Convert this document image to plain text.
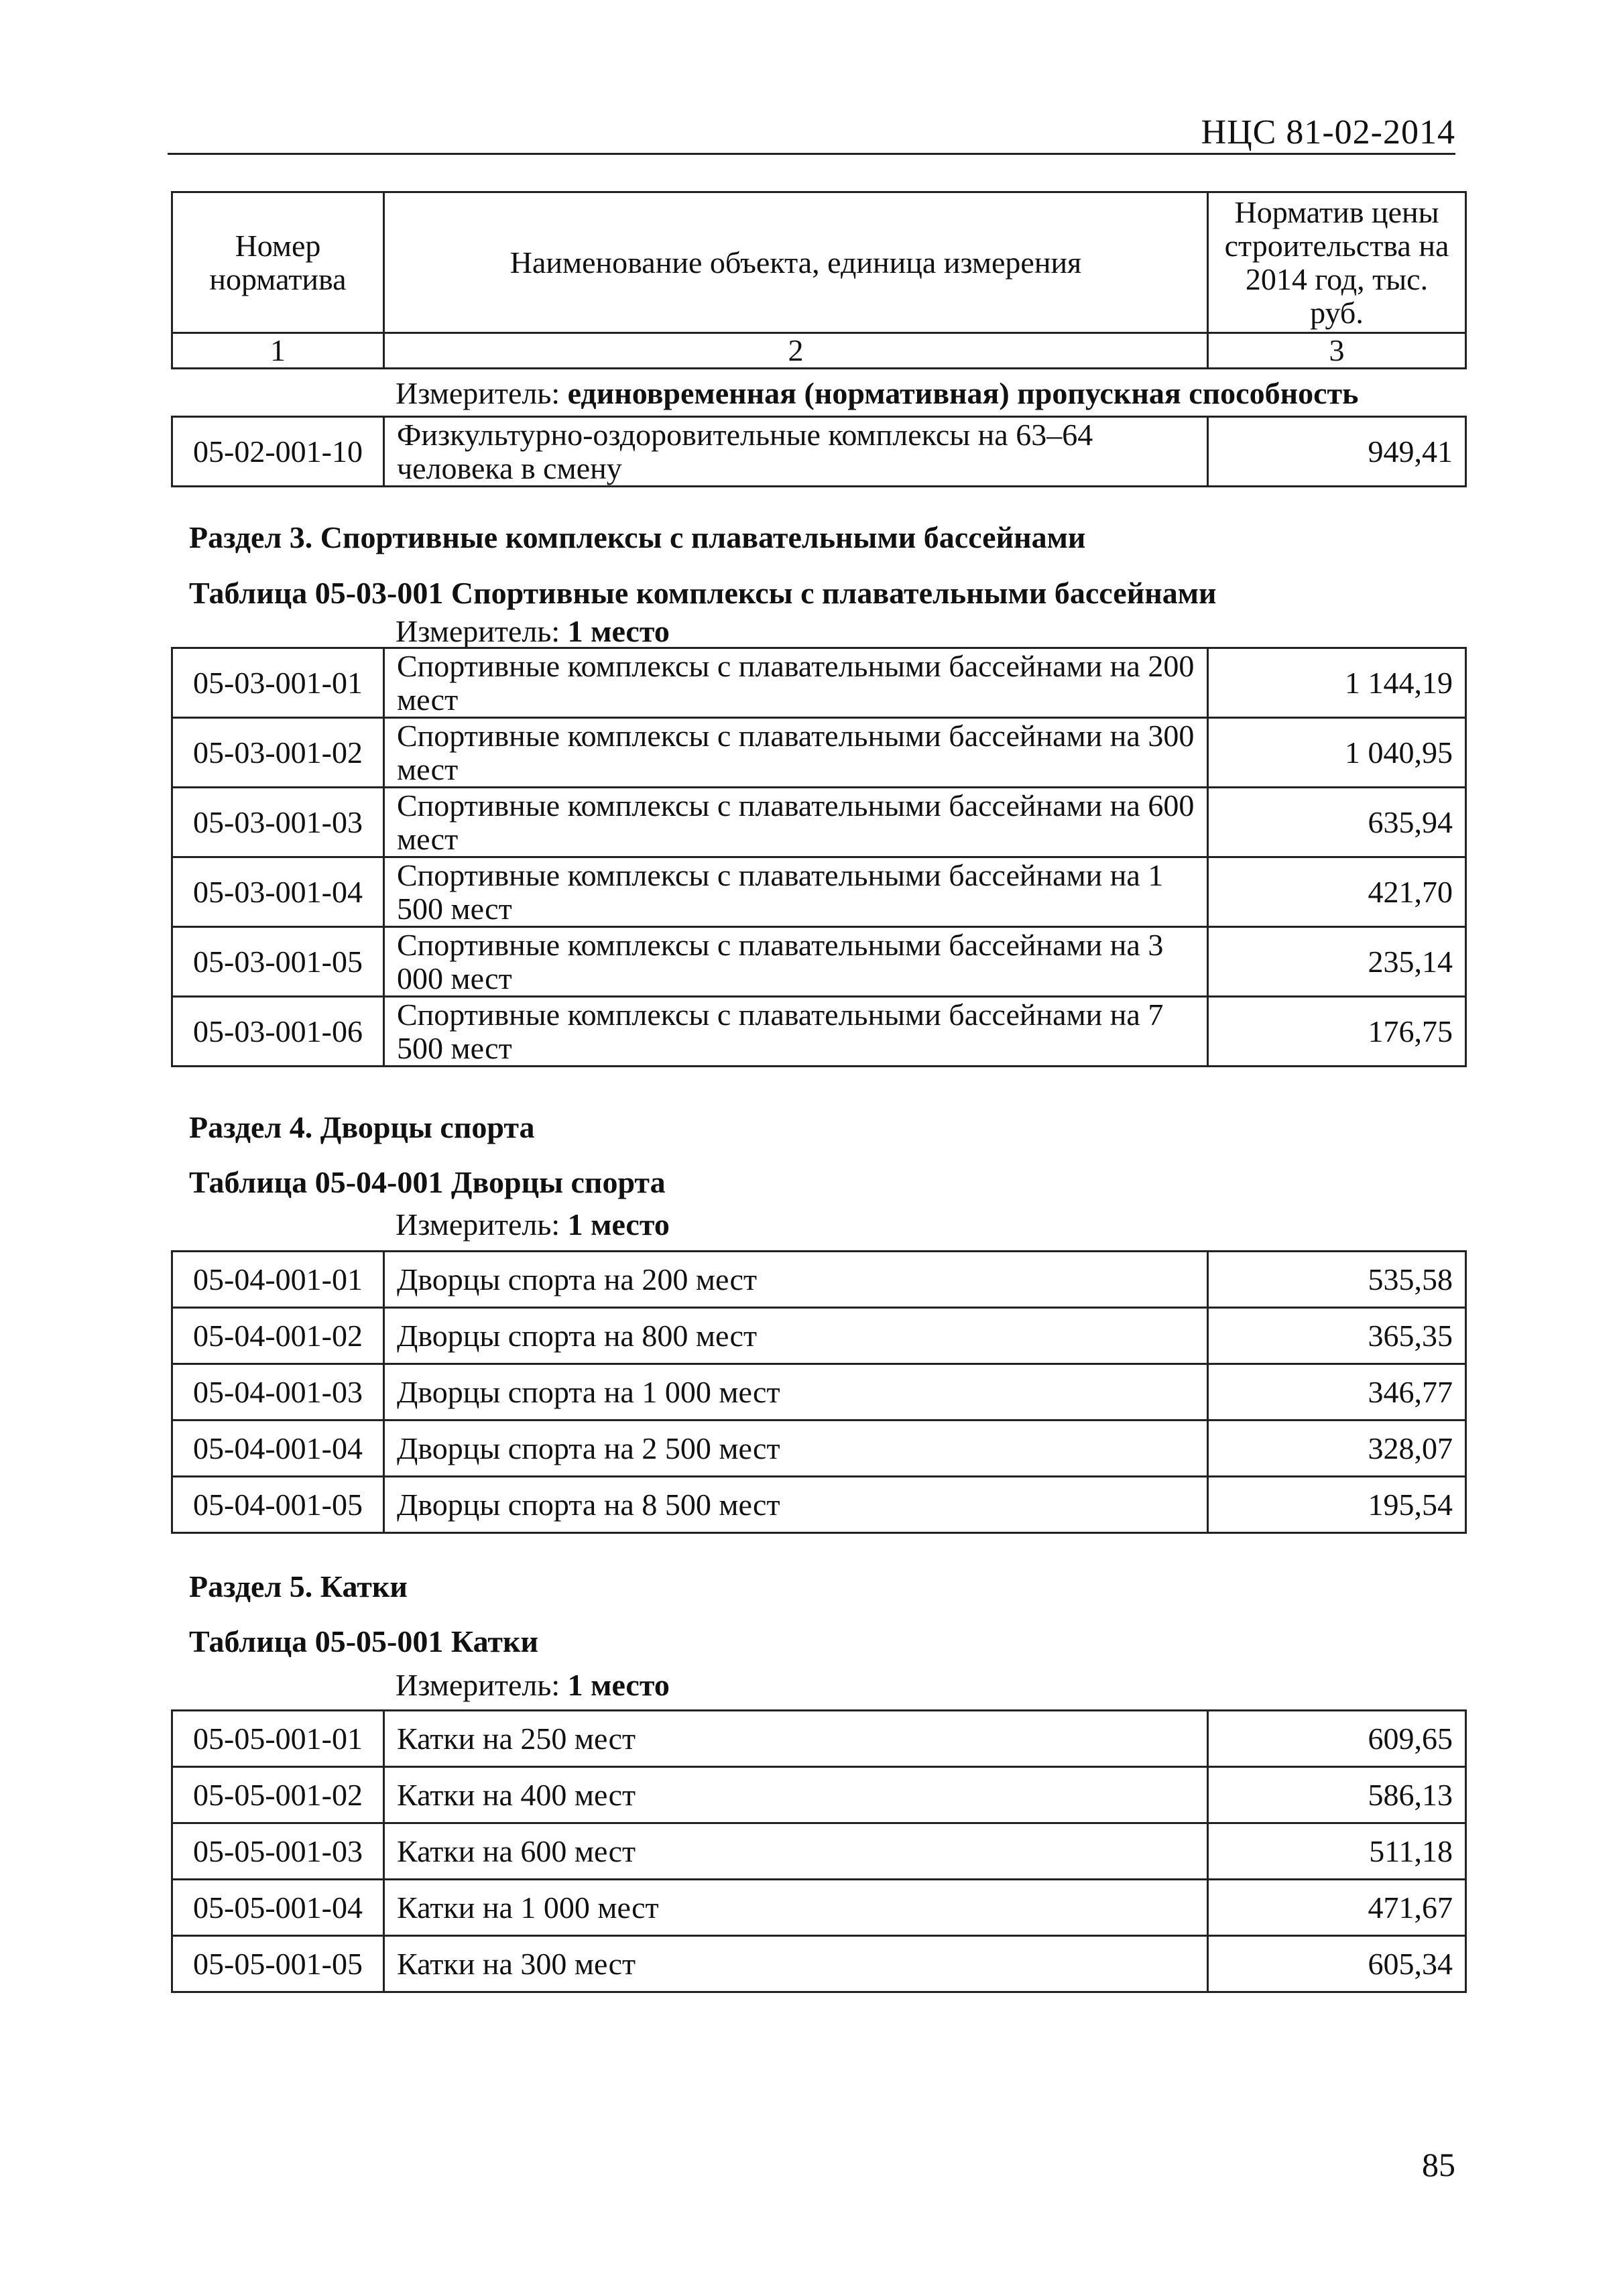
НЦС 81-02-2014
Номер норматива	Наименование объекта, единица измерения	Норматив цены строительства на 2014 год, тыс. руб.
1	2	3
Измеритель: единовременная (нормативная) пропускная способность
05-02-001-10	Физкультурно-оздоровительные комплексы на 63–64 человека в смену	949,41
Раздел 3. Спортивные комплексы с плавательными бассейнами
Таблица 05-03-001 Спортивные комплексы с плавательными бассейнами
Измеритель: 1 место
05-03-001-01	Спортивные комплексы с плавательными бассейнами на 200 мест	1 144,19
05-03-001-02	Спортивные комплексы с плавательными бассейнами на 300 мест	1 040,95
05-03-001-03	Спортивные комплексы с плавательными бассейнами на 600 мест	635,94
05-03-001-04	Спортивные комплексы с плавательными бассейнами на 1 500 мест	421,70
05-03-001-05	Спортивные комплексы с плавательными бассейнами на 3 000 мест	235,14
05-03-001-06	Спортивные комплексы с плавательными бассейнами на 7 500 мест	176,75
Раздел 4. Дворцы спорта
Таблица 05-04-001 Дворцы спорта
Измеритель: 1 место
05-04-001-01	Дворцы спорта на 200 мест	535,58
05-04-001-02	Дворцы спорта на 800 мест	365,35
05-04-001-03	Дворцы спорта на 1 000 мест	346,77
05-04-001-04	Дворцы спорта на 2 500 мест	328,07
05-04-001-05	Дворцы спорта на 8 500 мест	195,54
Раздел 5. Катки
Таблица 05-05-001 Катки
Измеритель: 1 место
05-05-001-01	Катки на 250 мест	609,65
05-05-001-02	Катки на 400 мест	586,13
05-05-001-03	Катки на 600 мест	511,18
05-05-001-04	Катки на 1 000 мест	471,67
05-05-001-05	Катки на 300 мест	605,34
85
